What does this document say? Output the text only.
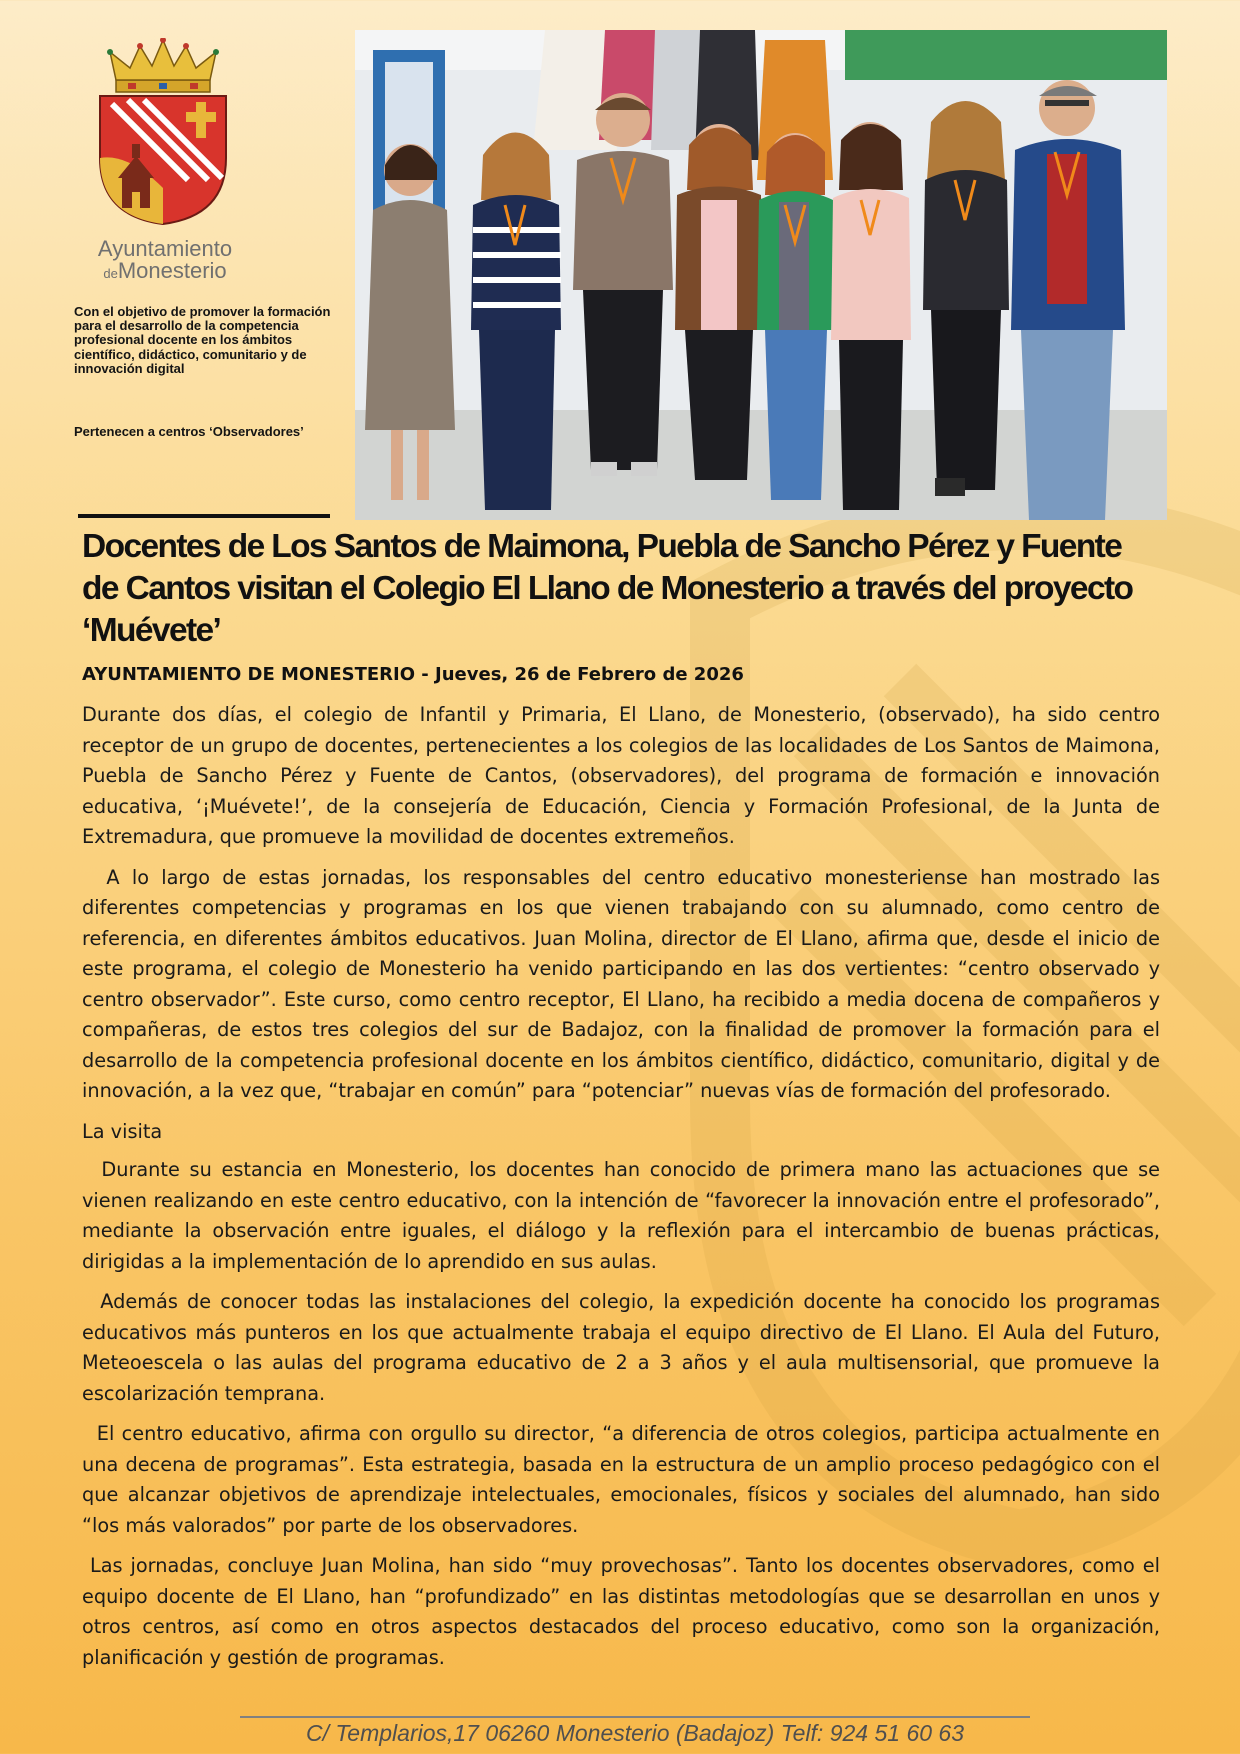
Ayuntamiento
deMonesterio
Con el objetivo de promover la formación para el desarrollo de la competencia profesional docente en los ámbitos científico, didáctico, comunitario y de innovación digital
Pertenecen a centros ‘Observadores’
Docentes de Los Santos de Maimona, Puebla de Sancho Pérez y Fuente de Cantos visitan el Colegio El Llano de Monesterio a través del proyecto ‘Muévete’

AYUNTAMIENTO DE MONESTERIO - Jueves, 26 de Febrero de 2026

Durante dos días, el colegio de Infantil y Primaria, El Llano, de Monesterio, (observado), ha sido centro receptor de un grupo de docentes, pertenecientes a los colegios de las localidades de Los Santos de Maimona, Puebla de Sancho Pérez y Fuente de Cantos, (observadores), del programa de formación e innovación educativa, ‘¡Muévete!’, de la consejería de Educación, Ciencia y Formación Profesional, de la Junta de Extremadura, que promueve la movilidad de docentes extremeños.

A lo largo de estas jornadas, los responsables del centro educativo monesteriense han mostrado las diferentes competencias y programas en los que vienen trabajando con su alumnado, como centro de referencia, en diferentes ámbitos educativos. Juan Molina, director de El Llano, afirma que, desde el inicio de este programa, el colegio de Monesterio ha venido participando en las dos vertientes: “centro observado y centro observador”. Este curso, como centro receptor, El Llano, ha recibido a media docena de compañeros y compañeras, de estos tres colegios del sur de Badajoz, con la finalidad de promover la formación para el desarrollo de la competencia profesional docente en los ámbitos científico, didáctico, comunitario, digital y de innovación, a la vez que, “trabajar en común” para “potenciar” nuevas vías de formación del profesorado.

La visita

Durante su estancia en Monesterio, los docentes han conocido de primera mano las actuaciones que se vienen realizando en este centro educativo, con la intención de “favorecer la innovación entre el profesorado”, mediante la observación entre iguales, el diálogo y la reflexión para el intercambio de buenas prácticas, dirigidas a la implementación de lo aprendido en sus aulas.

Además de conocer todas las instalaciones del colegio, la expedición docente ha conocido los programas educativos más punteros en los que actualmente trabaja el equipo directivo de El Llano. El Aula del Futuro, Meteoescela o las aulas del programa educativo de 2 a 3 años y el aula multisensorial, que promueve la escolarización temprana.

El centro educativo, afirma con orgullo su director, “a diferencia de otros colegios, participa actualmente en una decena de programas”. Esta estrategia, basada en la estructura de un amplio proceso pedagógico con el que alcanzar objetivos de aprendizaje intelectuales, emocionales, físicos y sociales del alumnado, han sido “los más valorados” por parte de los observadores.

Las jornadas, concluye Juan Molina, han sido “muy provechosas”. Tanto los docentes observadores, como el equipo docente de El Llano, han “profundizado” en las distintas metodologías que se desarrollan en unos y otros centros, así como en otros aspectos destacados del proceso educativo, como son la organización, planificación y gestión de programas.

C/ Templarios,17 06260 Monesterio (Badajoz) Telf: 924 51 60 63
